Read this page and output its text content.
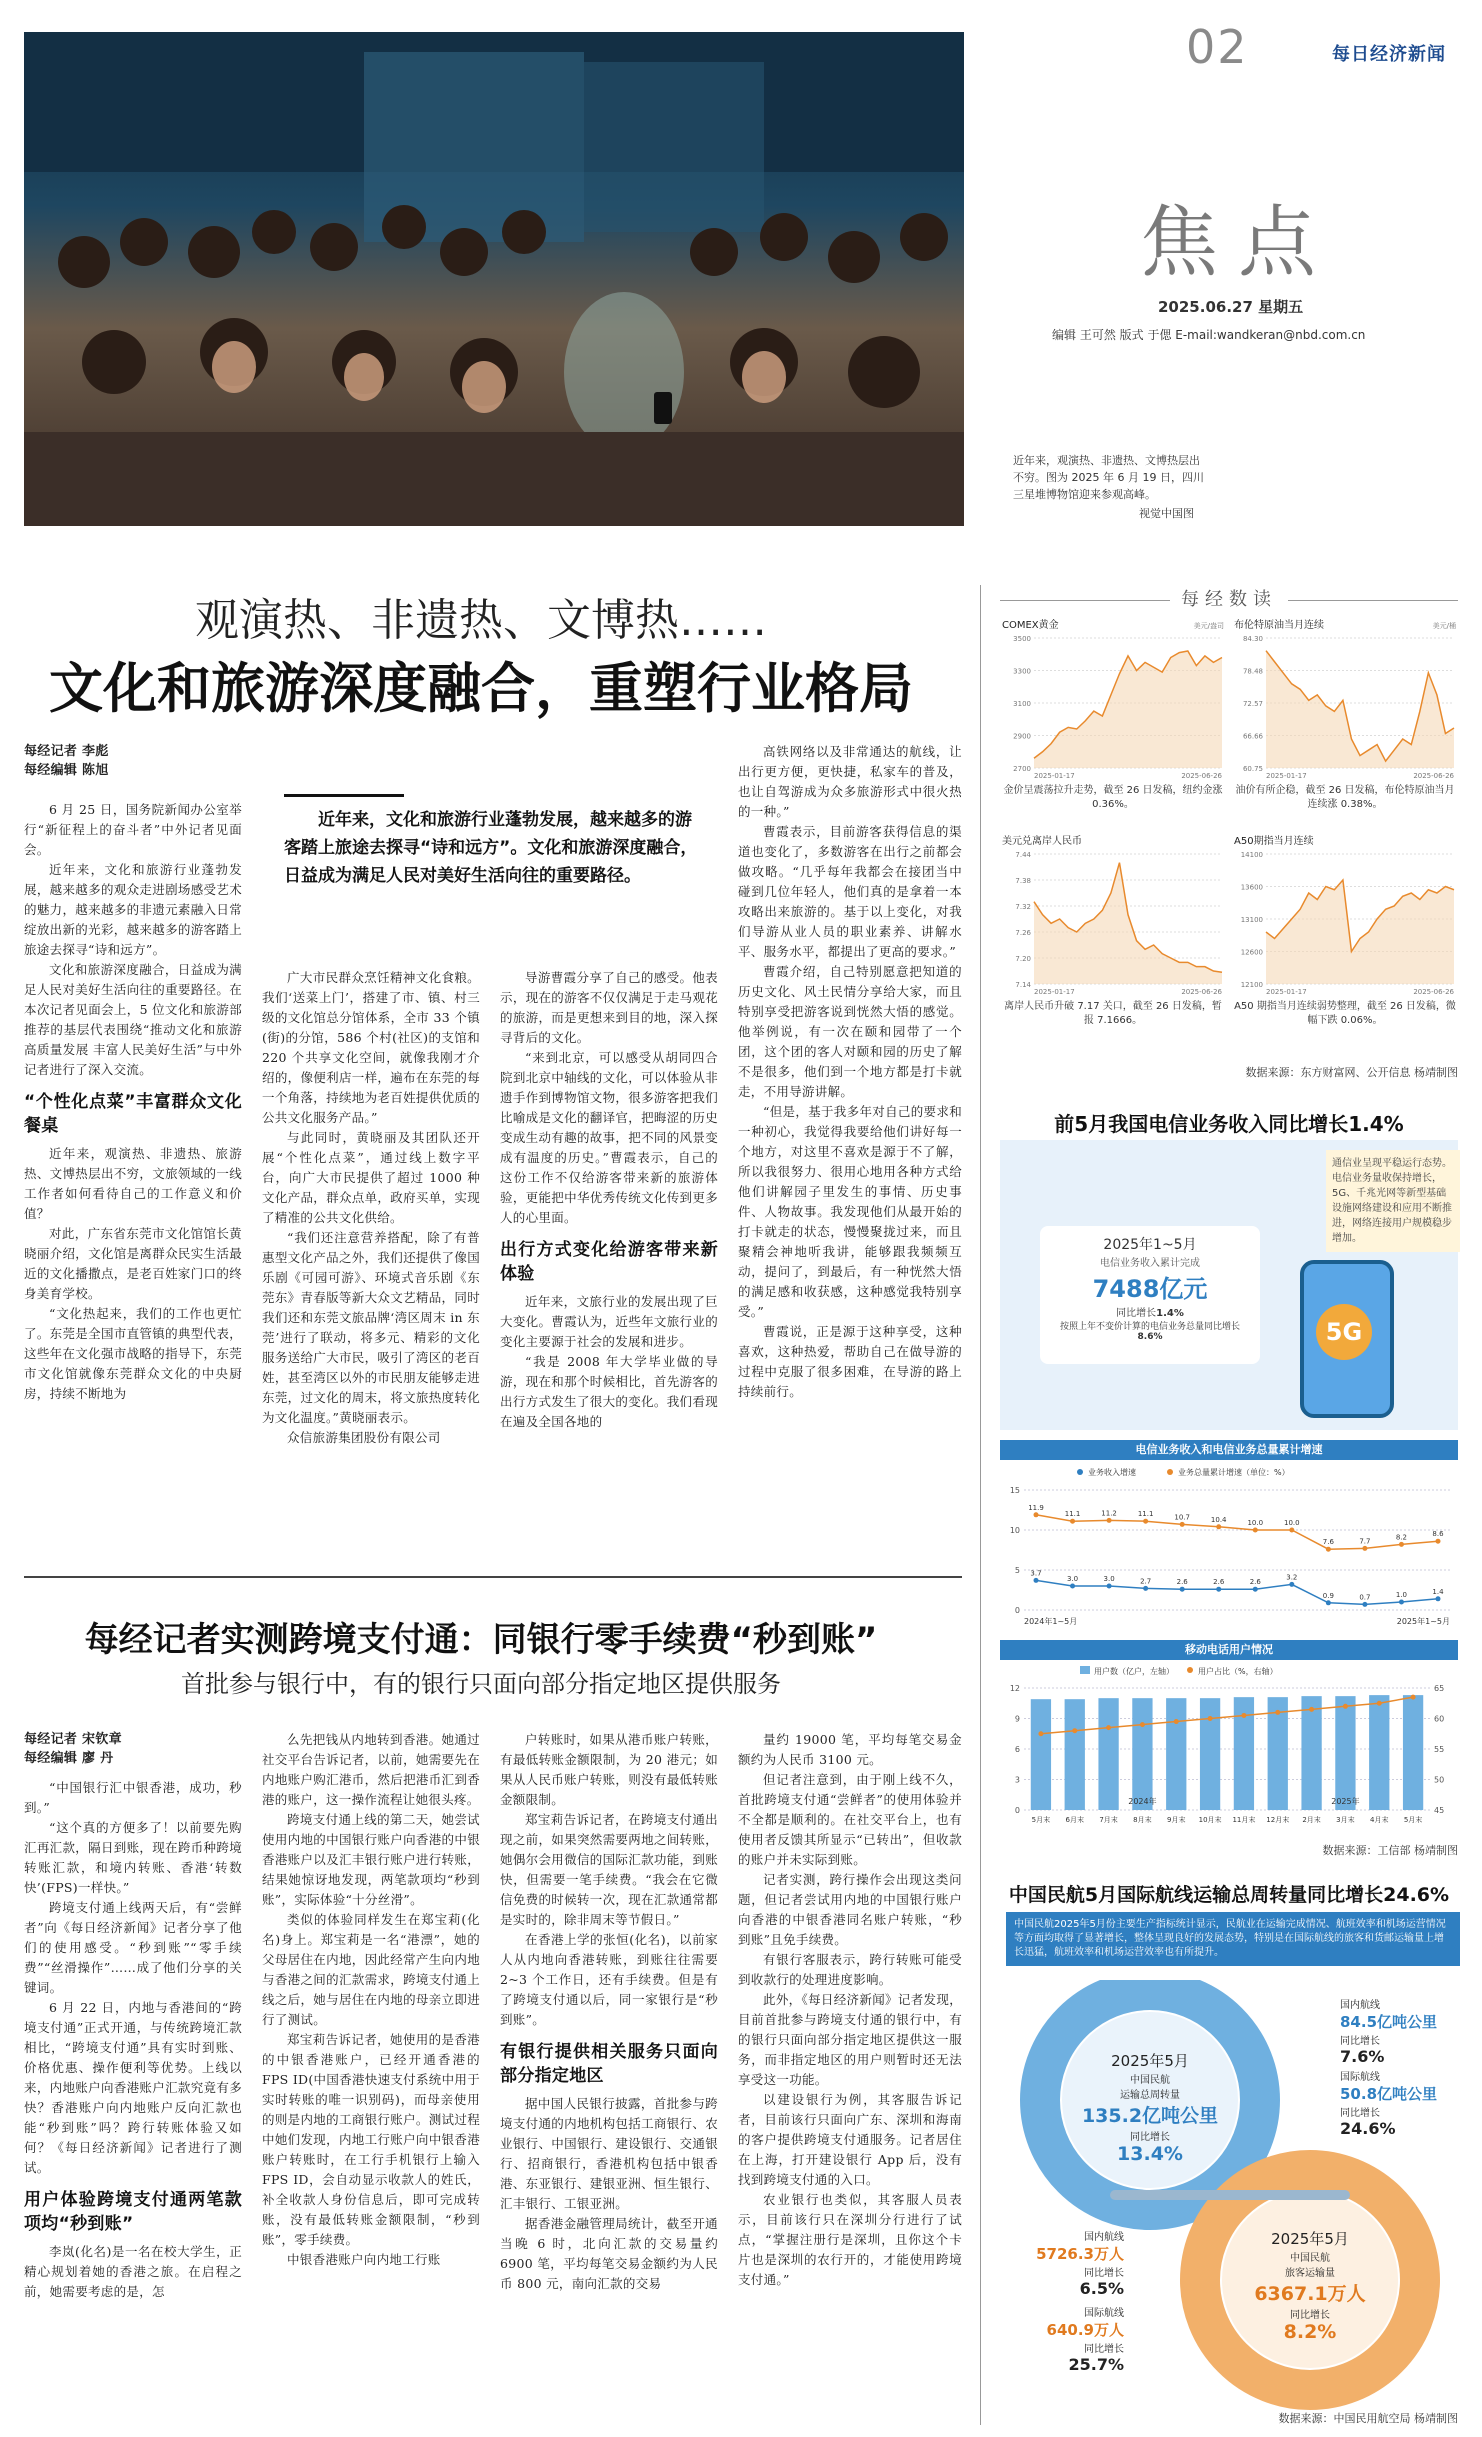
02	每日经济新闻
焦点
2025.06.27 星期五
编辑 王可然 版式 于偲 E-mail:wandkeran@nbd.com.cn
近年来，观演热、非遗热、文博热层出不穷。图为 2025 年 6 月 19 日，四川三星堆博物馆迎来参观高峰。
视觉中国图
观演热、非遗热、文博热……
文化和旅游深度融合，重塑行业格局
每经记者 李彪
每经编辑 陈旭

6 月 25 日，国务院新闻办公室举行“新征程上的奋斗者”中外记者见面会。

近年来，文化和旅游行业蓬勃发展，越来越多的观众走进剧场感受艺术的魅力，越来越多的非遗元素融入日常绽放出新的光彩，越来越多的游客踏上旅途去探寻“诗和远方”。

文化和旅游深度融合，日益成为满足人民对美好生活向往的重要路径。在本次记者见面会上，5 位文化和旅游部推荐的基层代表围绕“推动文化和旅游高质量发展 丰富人民美好生活”与中外记者进行了深入交流。

“个性化点菜”丰富群众文化餐桌

近年来，观演热、非遗热、旅游热、文博热层出不穷，文旅领域的一线工作者如何看待自己的工作意义和价值？

对此，广东省东莞市文化馆馆长黄晓丽介绍，文化馆是离群众民实生活最近的文化播撒点，是老百姓家门口的终身美育学校。

“文化热起来，我们的工作也更忙了。东莞是全国市直管镇的典型代表，这些年在文化强市战略的指导下，东莞市文化馆就像东莞群众文化的中央厨房，持续不断地为

近年来，文化和旅游行业蓬勃发展，越来越多的游客踏上旅途去探寻“诗和远方”。文化和旅游深度融合，日益成为满足人民对美好生活向往的重要路径。

广大市民群众烹饪精神文化食粮。我们‘送菜上门’，搭建了市、镇、村三级的文化馆总分馆体系，全市 33 个镇(街)的分馆，586 个村(社区)的支馆和 220 个共享文化空间，就像我刚才介绍的，像便利店一样，遍布在东莞的每一个角落，持续地为老百姓提供优质的公共文化服务产品。”

与此同时，黄晓丽及其团队还开展“个性化点菜”，通过线上数字平台，向广大市民提供了超过 1000 种文化产品，群众点单，政府买单，实现了精准的公共文化供给。

“我们还注意营养搭配，除了有普惠型文化产品之外，我们还提供了像国乐剧《可园可游》、环境式音乐剧《东莞东》青春版等新大众文艺精品，同时我们还和东莞文旅品牌‘湾区周末 in 东莞’进行了联动，将多元、精彩的文化服务送给广大市民，吸引了湾区的老百姓，甚至湾区以外的市民朋友能够走进东莞，过文化的周末，将文旅热度转化为文化温度。”黄晓丽表示。

众信旅游集团股份有限公司

导游曹霞分享了自己的感受。他表示，现在的游客不仅仅满足于走马观花的旅游，而是更想来到目的地，深入探寻背后的文化。

“来到北京，可以感受从胡同四合院到北京中轴线的文化，可以体验从非遗手作到博物馆文物，很多游客把我们比喻成是文化的翻译官，把晦涩的历史变成生动有趣的故事，把不同的风景变成有温度的历史。”曹霞表示，自己的这份工作不仅给游客带来新的旅游体验，更能把中华优秀传统文化传到更多人的心里面。

出行方式变化给游客带来新体验

近年来，文旅行业的发展出现了巨大变化。曹霞认为，近些年文旅行业的变化主要源于社会的发展和进步。

“我是 2008 年大学毕业做的导游，现在和那个时候相比，首先游客的出行方式发生了很大的变化。我们看现在遍及全国各地的

高铁网络以及非常通达的航线，让出行更方便，更快捷，私家车的普及，也让自驾游成为众多旅游形式中很火热的一种。”

曹霞表示，目前游客获得信息的渠道也变化了，多数游客在出行之前都会做攻略。“几乎每年我都会在接团当中碰到几位年轻人，他们真的是拿着一本攻略出来旅游的。基于以上变化，对我们导游从业人员的职业素养、讲解水平、服务水平，都提出了更高的要求。”

曹霞介绍，自己特别愿意把知道的历史文化、风土民情分享给大家，而且特别享受把游客说到恍然大悟的感觉。他举例说，有一次在颐和园带了一个团，这个团的客人对颐和园的历史了解不是很多，他们到一个地方都是打卡就走，不用导游讲解。

“但是，基于我多年对自己的要求和一种初心，我觉得我要给他们讲好每一个地方，对这里不喜欢是源于不了解，所以我很努力、很用心地用各种方式给他们讲解园子里发生的事情、历史事件、人物故事。我发现他们从最开始的打卡就走的状态，慢慢聚拢过来，而且聚精会神地听我讲，能够跟我频频互动，提问了，到最后，有一种恍然大悟的满足感和收获感，这种感觉我特别享受。”

曹霞说，正是源于这种享受，这种喜欢，这种热爱，帮助自己在做导游的过程中克服了很多困难，在导游的路上持续前行。

每经记者实测跨境支付通：同银行零手续费“秒到账”
首批参与银行中，有的银行只面向部分指定地区提供服务
每经记者 宋钦章
每经编辑 廖 丹

“中国银行汇中银香港，成功，秒到。”

“这个真的方便多了！以前要先购汇再汇款，隔日到账，现在跨币种跨境转账汇款，和境内转账、香港‘转数快’(FPS)一样快。”

跨境支付通上线两天后，有“尝鲜者”向《每日经济新闻》记者分享了他们的使用感受。“秒到账”“零手续费”“丝滑操作”……成了他们分享的关键词。

6 月 22 日，内地与香港间的“跨境支付通”正式开通，与传统跨境汇款相比，“跨境支付通”具有实时到账、价格优惠、操作便利等优势。上线以来，内地账户向香港账户汇款究竟有多快？香港账户向内地账户反向汇款也能“秒到账”吗？跨行转账体验又如何？《每日经济新闻》记者进行了测试。

用户体验跨境支付通两笔款项均“秒到账”

李岚(化名)是一名在校大学生，正精心规划着她的香港之旅。在启程之前，她需要考虑的是，怎

么先把钱从内地转到香港。她通过社交平台告诉记者，以前，她需要先在内地账户购汇港币，然后把港币汇到香港的账户，这一操作流程让她很头疼。

跨境支付通上线的第二天，她尝试使用内地的中国银行账户向香港的中银香港账户以及汇丰银行账户进行转账，结果她惊讶地发现，两笔款项均“秒到账”，实际体验“十分丝滑”。

类似的体验同样发生在郑宝莉(化名)身上。郑宝莉是一名“港漂”，她的父母居住在内地，因此经常产生向内地与香港之间的汇款需求，跨境支付通上线之后，她与居住在内地的母亲立即进行了测试。

郑宝莉告诉记者，她使用的是香港的中银香港账户，已经开通香港的 FPS ID(中国香港快速支付系统中用于实时转账的唯一识别码)，而母亲使用的则是内地的工商银行账户。测试过程中她们发现，内地工行账户向中银香港账户转账时，在工行手机银行上输入 FPS ID，会自动显示收款人的姓氏，补全收款人身份信息后，即可完成转账，没有最低转账金额限制，“秒到账”，零手续费。

中银香港账户向内地工行账

户转账时，如果从港币账户转账，有最低转账金额限制，为 20 港元；如果从人民币账户转账，则没有最低转账金额限制。

郑宝莉告诉记者，在跨境支付通出现之前，如果突然需要两地之间转账，她偶尔会用微信的国际汇款功能，到账快，但需要一笔手续费。“我会在它微信免费的时候转一次，现在汇款通常都是实时的，除非周末等节假日。”

在香港上学的张恒(化名)，以前家人从内地向香港转账，到账往往需要 2~3 个工作日，还有手续费。但是有了跨境支付通以后，同一家银行是“秒到账”。

有银行提供相关服务只面向部分指定地区

据中国人民银行披露，首批参与跨境支付通的内地机构包括工商银行、农业银行、中国银行、建设银行、交通银行、招商银行，香港机构包括中银香港、东亚银行、建银亚洲、恒生银行、汇丰银行、工银亚洲。

据香港金融管理局统计，截至开通当晚 6 时，北向汇款的交易量约 6900 笔，平均每笔交易金额约为人民币 800 元，南向汇款的交易

量约 19000 笔，平均每笔交易金额约为人民币 3100 元。

但记者注意到，由于刚上线不久，首批跨境支付通“尝鲜者”的使用体验并不全都是顺利的。在社交平台上，也有使用者反馈其所显示“已转出”，但收款的账户并未实际到账。

记者实测，跨行操作会出现这类问题，但记者尝试用内地的中国银行账户向香港的中银香港同名账户转账，“秒到账”且免手续费。

有银行客服表示，跨行转账可能受到收款行的处理进度影响。

此外，《每日经济新闻》记者发现，目前首批参与跨境支付通的银行中，有的银行只面向部分指定地区提供这一服务，而非指定地区的用户则暂时还无法享受这一功能。

以建设银行为例，其客服告诉记者，目前该行只面向广东、深圳和海南的客户提供跨境支付通服务。记者居住在上海，打开建设银行 App 后，没有找到跨境支付通的入口。

农业银行也类似，其客服人员表示，目前该行只在深圳分行进行了试点，“掌握注册行是深圳，且你这个卡片也是深圳的农行开的，才能使用跨境支付通。”

每经数读
COMEX黄金	美元/盎司
3500
3300
3100
2900
2700
2025-01-17	2025-06-26
金价呈震荡拉升走势，截至 26 日发稿，纽约金涨 0.36%。
布伦特原油当月连续	美元/桶
84.30
78.48
72.57
66.66
60.75
2025-01-17	2025-06-26
油价有所企稳，截至 26 日发稿，布伦特原油当月连续涨 0.38%。
美元兑离岸人民币
7.44
7.38
7.32
7.26
7.20
7.14
2025-01-17	2025-06-26
离岸人民币升破 7.17 关口，截至 26 日发稿，暂报 7.1666。
A50期指当月连续
14100
13600
13100
12600
12100
2025-01-17	2025-06-26
A50 期指当月连续弱势整理，截至 26 日发稿，微幅下跌 0.06%。
数据来源：东方财富网、公开信息 杨靖制图
前5月我国电信业务收入同比增长1.4%
通信业呈现平稳运行态势。电信业务量收保持增长，5G、千兆光网等新型基础设施网络建设和应用不断推进，网络连接用户规模稳步增加。
2025年1~5月
电信业务收入累计完成
7488亿元
同比增长1.4%
按照上年不变价计算的电信业务总量同比增长8.6%	5G
电信业务收入和电信业务总量累计增速
业务收入增速	业务总量累计增速（单位：%）
15
10
5
0
11.9
11.1	11.2	11.1	10.7	10.4	10.0	10.0
7.6	7.7	8.2	8.6
3.7
3.0	3.0	2.7	2.6	2.6	2.6
3.2
0.9	0.7	1.0	1.4
2024年1~5月	2025年1~5月
移动电话用户情况
用户数（亿户，左轴）	用户占比（%，右轴）
12	65
9	60
6	55
3	50
0	45
5月末 6月末 7月末 8月末 9月末 10月末 11月末 12月末 2月末 3月末 4月末 5月末
2024年	2025年
数据来源：工信部 杨靖制图
中国民航5月国际航线运输总周转量同比增长24.6%
中国民航2025年5月份主要生产指标统计显示，民航业在运输完成情况、航班效率和机场运营情况等方面均取得了显著增长，整体呈现良好的发展态势，特别是在国际航线的旅客和货邮运输量上增长迅猛，航班效率和机场运营效率也有所提升。
2025年5月
中国民航
运输总周转量
135.2亿吨公里
同比增长
13.4%
2025年5月
中国民航
旅客运输量
6367.1万人
同比增长
8.2%
国内航线
84.5亿吨公里
同比增长
7.6%
国际航线
50.8亿吨公里
同比增长
24.6%
国内航线
5726.3万人
同比增长
6.5%
国际航线
640.9万人
同比增长
25.7%
数据来源：中国民用航空局 杨靖制图
